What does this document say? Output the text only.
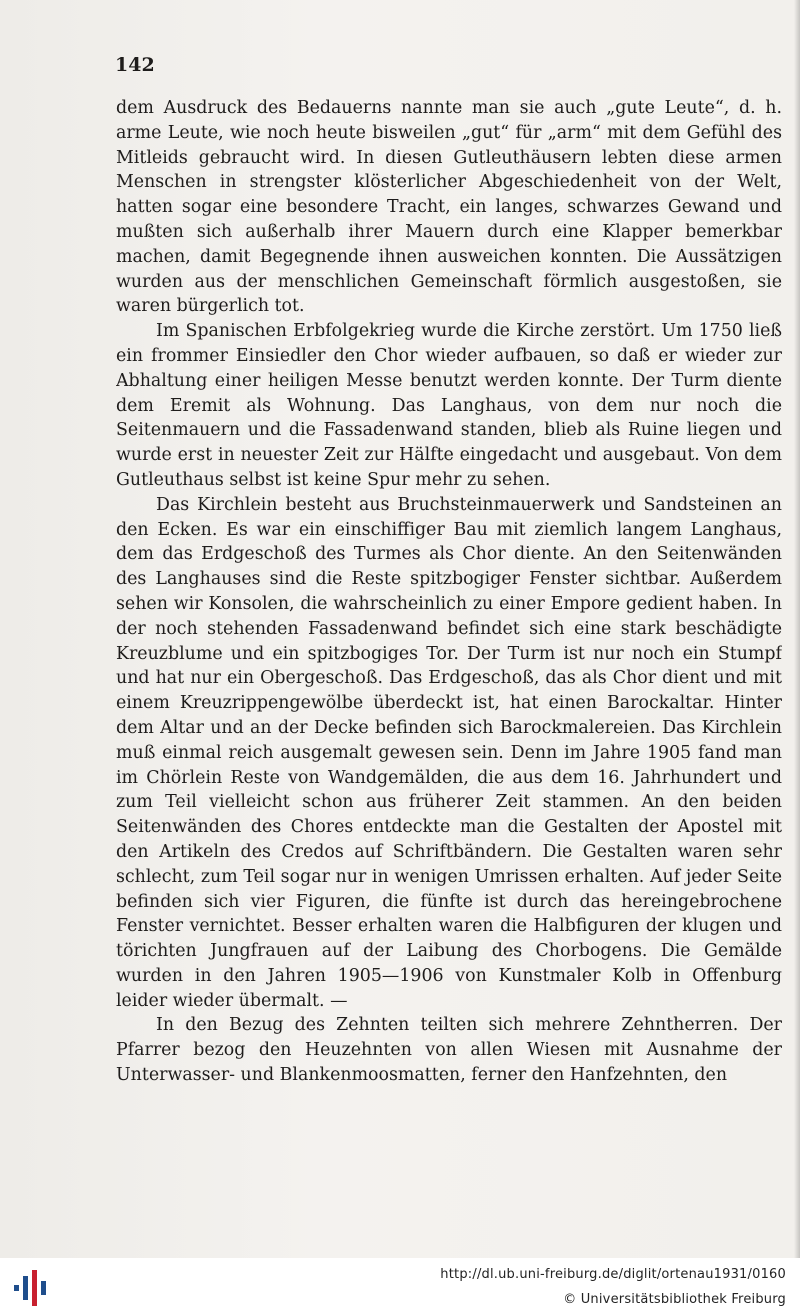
142

dem Ausdruck des Bedauerns nannte man sie auch „gute Leute“, d. h. arme Leute, wie noch heute bisweilen „gut“ für „arm“ mit dem Gefühl des Mitleids gebraucht wird. In diesen Gutleuthäusern lebten diese armen Menschen in strengster klösterlicher Abgeschiedenheit von der Welt, hatten sogar eine besondere Tracht, ein langes, schwarzes Gewand und mußten sich außerhalb ihrer Mauern durch eine Klapper bemerkbar machen, damit Begegnende ihnen ausweichen konnten. Die Aussätzigen wurden aus der menschlichen Gemeinschaft förmlich ausgestoßen, sie waren bürgerlich tot.

Im Spanischen Erbfolgekrieg wurde die Kirche zerstört. Um 1750 ließ ein frommer Einsiedler den Chor wieder aufbauen, so daß er wieder zur Abhaltung einer heiligen Messe benutzt werden konnte. Der Turm diente dem Eremit als Wohnung. Das Langhaus, von dem nur noch die Seitenmauern und die Fassadenwand standen, blieb als Ruine liegen und wurde erst in neuester Zeit zur Hälfte eingedacht und ausgebaut. Von dem Gutleuthaus selbst ist keine Spur mehr zu sehen.

Das Kirchlein besteht aus Bruchsteinmauerwerk und Sandsteinen an den Ecken. Es war ein einschiffiger Bau mit ziemlich langem Langhaus, dem das Erdgeschoß des Turmes als Chor diente. An den Seitenwänden des Langhauses sind die Reste spitzbogiger Fenster sichtbar. Außerdem sehen wir Konsolen, die wahrscheinlich zu einer Empore gedient haben. In der noch stehenden Fassadenwand befindet sich eine stark beschädigte Kreuzblume und ein spitzbogiges Tor. Der Turm ist nur noch ein Stumpf und hat nur ein Obergeschoß. Das Erdgeschoß, das als Chor dient und mit einem Kreuzrippengewölbe überdeckt ist, hat einen Barockaltar. Hinter dem Altar und an der Decke befinden sich Barockmalereien. Das Kirchlein muß einmal reich ausgemalt gewesen sein. Denn im Jahre 1905 fand man im Chörlein Reste von Wandgemälden, die aus dem 16. Jahrhundert und zum Teil vielleicht schon aus früherer Zeit stammen. An den beiden Seitenwänden des Chores entdeckte man die Gestalten der Apostel mit den Artikeln des Credos auf Schriftbändern. Die Gestalten waren sehr schlecht, zum Teil sogar nur in wenigen Umrissen erhalten. Auf jeder Seite befinden sich vier Figuren, die fünfte ist durch das hereingebrochene Fenster vernichtet. Besser erhalten waren die Halbfiguren der klugen und törichten Jungfrauen auf der Laibung des Chorbogens. Die Gemälde wurden in den Jahren 1905—1906 von Kunstmaler Kolb in Offenburg leider wieder übermalt. —

In den Bezug des Zehnten teilten sich mehrere Zehntherren. Der Pfarrer bezog den Heuzehnten von allen Wiesen mit Ausnahme der Unterwasser- und Blankenmoosmatten, ferner den Hanfzehnten, den

http://dl.ub.uni-freiburg.de/diglit/ortenau1931/0160
© Universitätsbibliothek Freiburg
